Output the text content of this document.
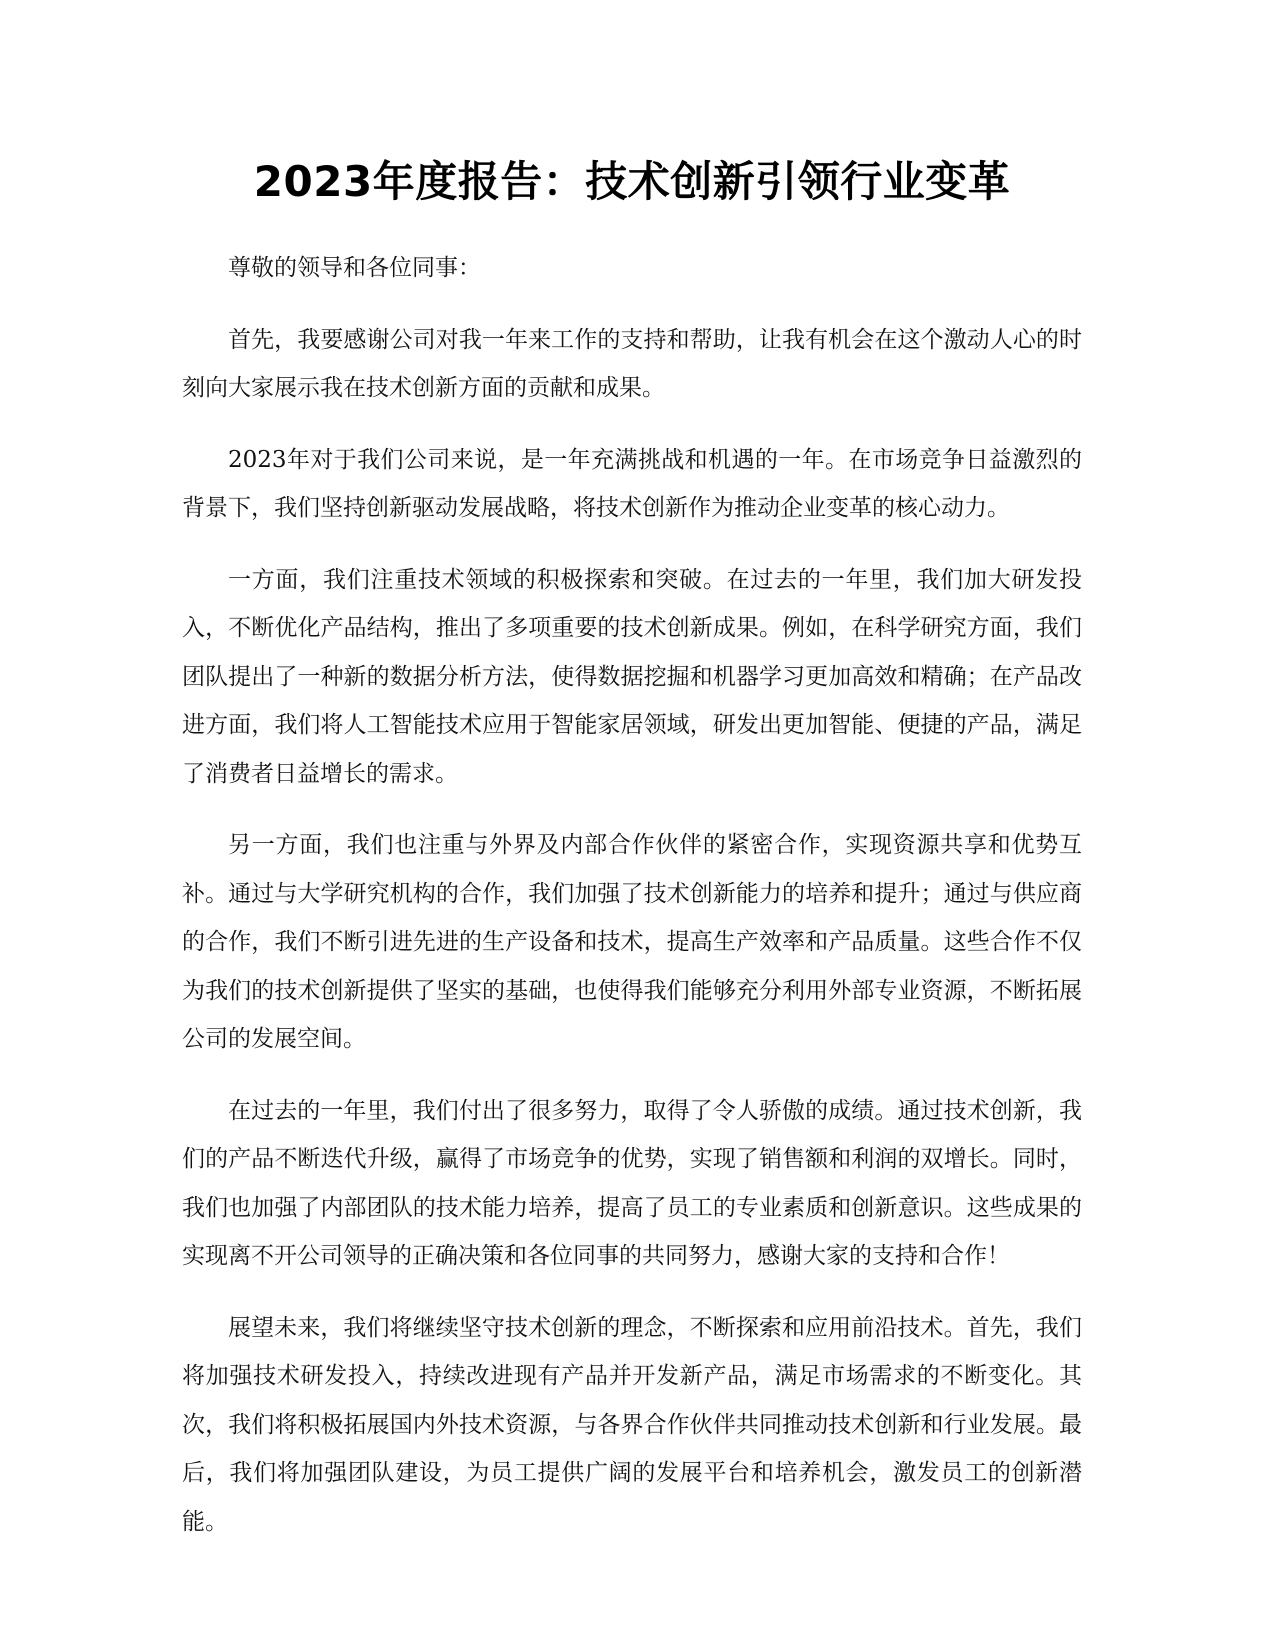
2023年度报告：技术创新引领行业变革

尊敬的领导和各位同事：

首先，我要感谢公司对我一年来工作的支持和帮助，让我有机会在这个激动人心的时刻向大家展示我在技术创新方面的贡献和成果。

2023年对于我们公司来说，是一年充满挑战和机遇的一年。在市场竞争日益激烈的背景下，我们坚持创新驱动发展战略，将技术创新作为推动企业变革的核心动力。

一方面，我们注重技术领域的积极探索和突破。在过去的一年里，我们加大研发投入，不断优化产品结构，推出了多项重要的技术创新成果。例如，在科学研究方面，我们团队提出了一种新的数据分析方法，使得数据挖掘和机器学习更加高效和精确；在产品改进方面，我们将人工智能技术应用于智能家居领域，研发出更加智能、便捷的产品，满足了消费者日益增长的需求。

另一方面，我们也注重与外界及内部合作伙伴的紧密合作，实现资源共享和优势互补。通过与大学研究机构的合作，我们加强了技术创新能力的培养和提升；通过与供应商的合作，我们不断引进先进的生产设备和技术，提高生产效率和产品质量。这些合作不仅为我们的技术创新提供了坚实的基础，也使得我们能够充分利用外部专业资源，不断拓展公司的发展空间。

在过去的一年里，我们付出了很多努力，取得了令人骄傲的成绩。通过技术创新，我们的产品不断迭代升级，赢得了市场竞争的优势，实现了销售额和利润的双增长。同时，我们也加强了内部团队的技术能力培养，提高了员工的专业素质和创新意识。这些成果的实现离不开公司领导的正确决策和各位同事的共同努力，感谢大家的支持和合作！

展望未来，我们将继续坚守技术创新的理念，不断探索和应用前沿技术。首先，我们将加强技术研发投入，持续改进现有产品并开发新产品，满足市场需求的不断变化。其次，我们将积极拓展国内外技术资源，与各界合作伙伴共同推动技术创新和行业发展。最后，我们将加强团队建设，为员工提供广阔的发展平台和培养机会，激发员工的创新潜能。
